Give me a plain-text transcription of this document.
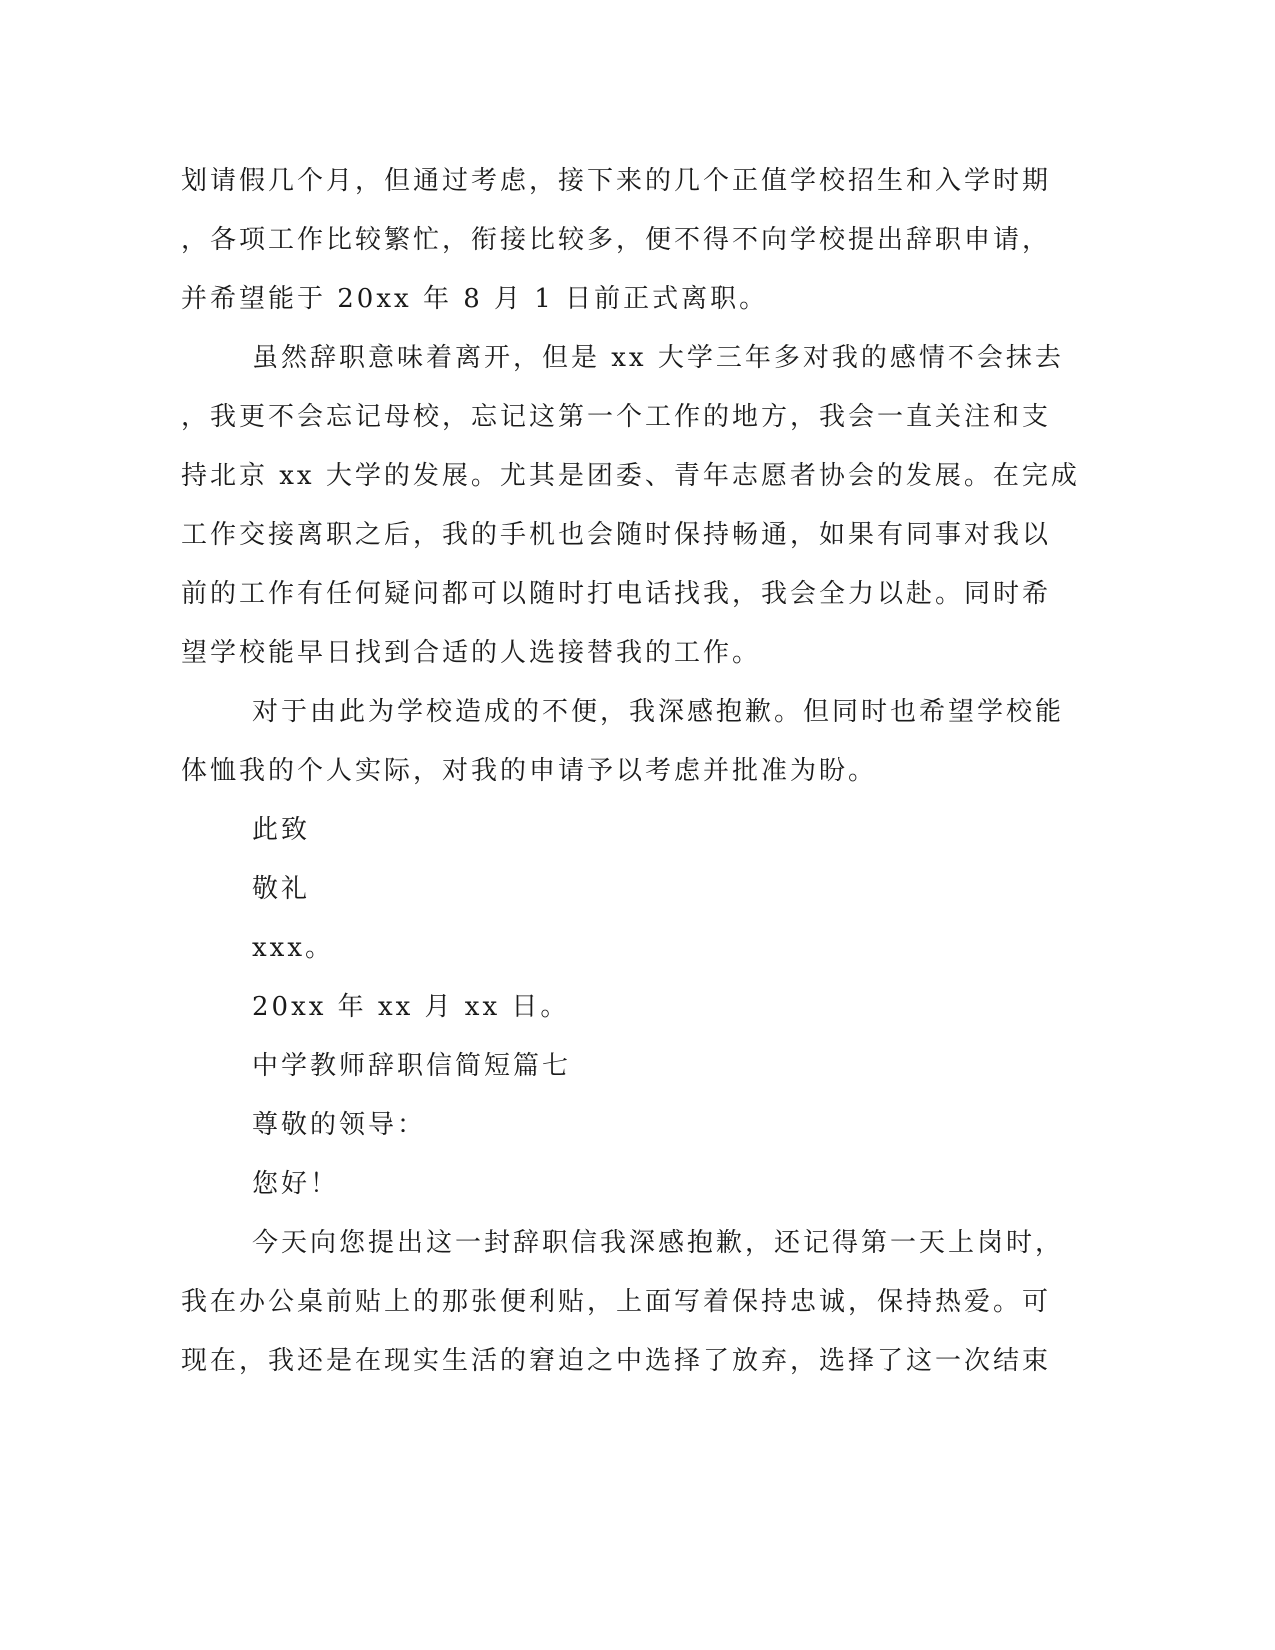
划请假几个月，但通过考虑，接下来的几个正值学校招生和入学时期
，各项工作比较繁忙，衔接比较多，便不得不向学校提出辞职申请，
并希望能于 20xx 年 8 月 1 日前正式离职。
虽然辞职意味着离开，但是 xx 大学三年多对我的感情不会抹去
，我更不会忘记母校，忘记这第一个工作的地方，我会一直关注和支
持北京 xx 大学的发展。尤其是团委、青年志愿者协会的发展。在完成
工作交接离职之后，我的手机也会随时保持畅通，如果有同事对我以
前的工作有任何疑问都可以随时打电话找我，我会全力以赴。同时希
望学校能早日找到合适的人选接替我的工作。
对于由此为学校造成的不便，我深感抱歉。但同时也希望学校能
体恤我的个人实际，对我的申请予以考虑并批准为盼。
此致
敬礼
xxx。
20xx 年 xx 月 xx 日。
中学教师辞职信简短篇七
尊敬的领导：
您好！
今天向您提出这一封辞职信我深感抱歉，还记得第一天上岗时，
我在办公桌前贴上的那张便利贴，上面写着保持忠诚，保持热爱。可
现在，我还是在现实生活的窘迫之中选择了放弃，选择了这一次结束
